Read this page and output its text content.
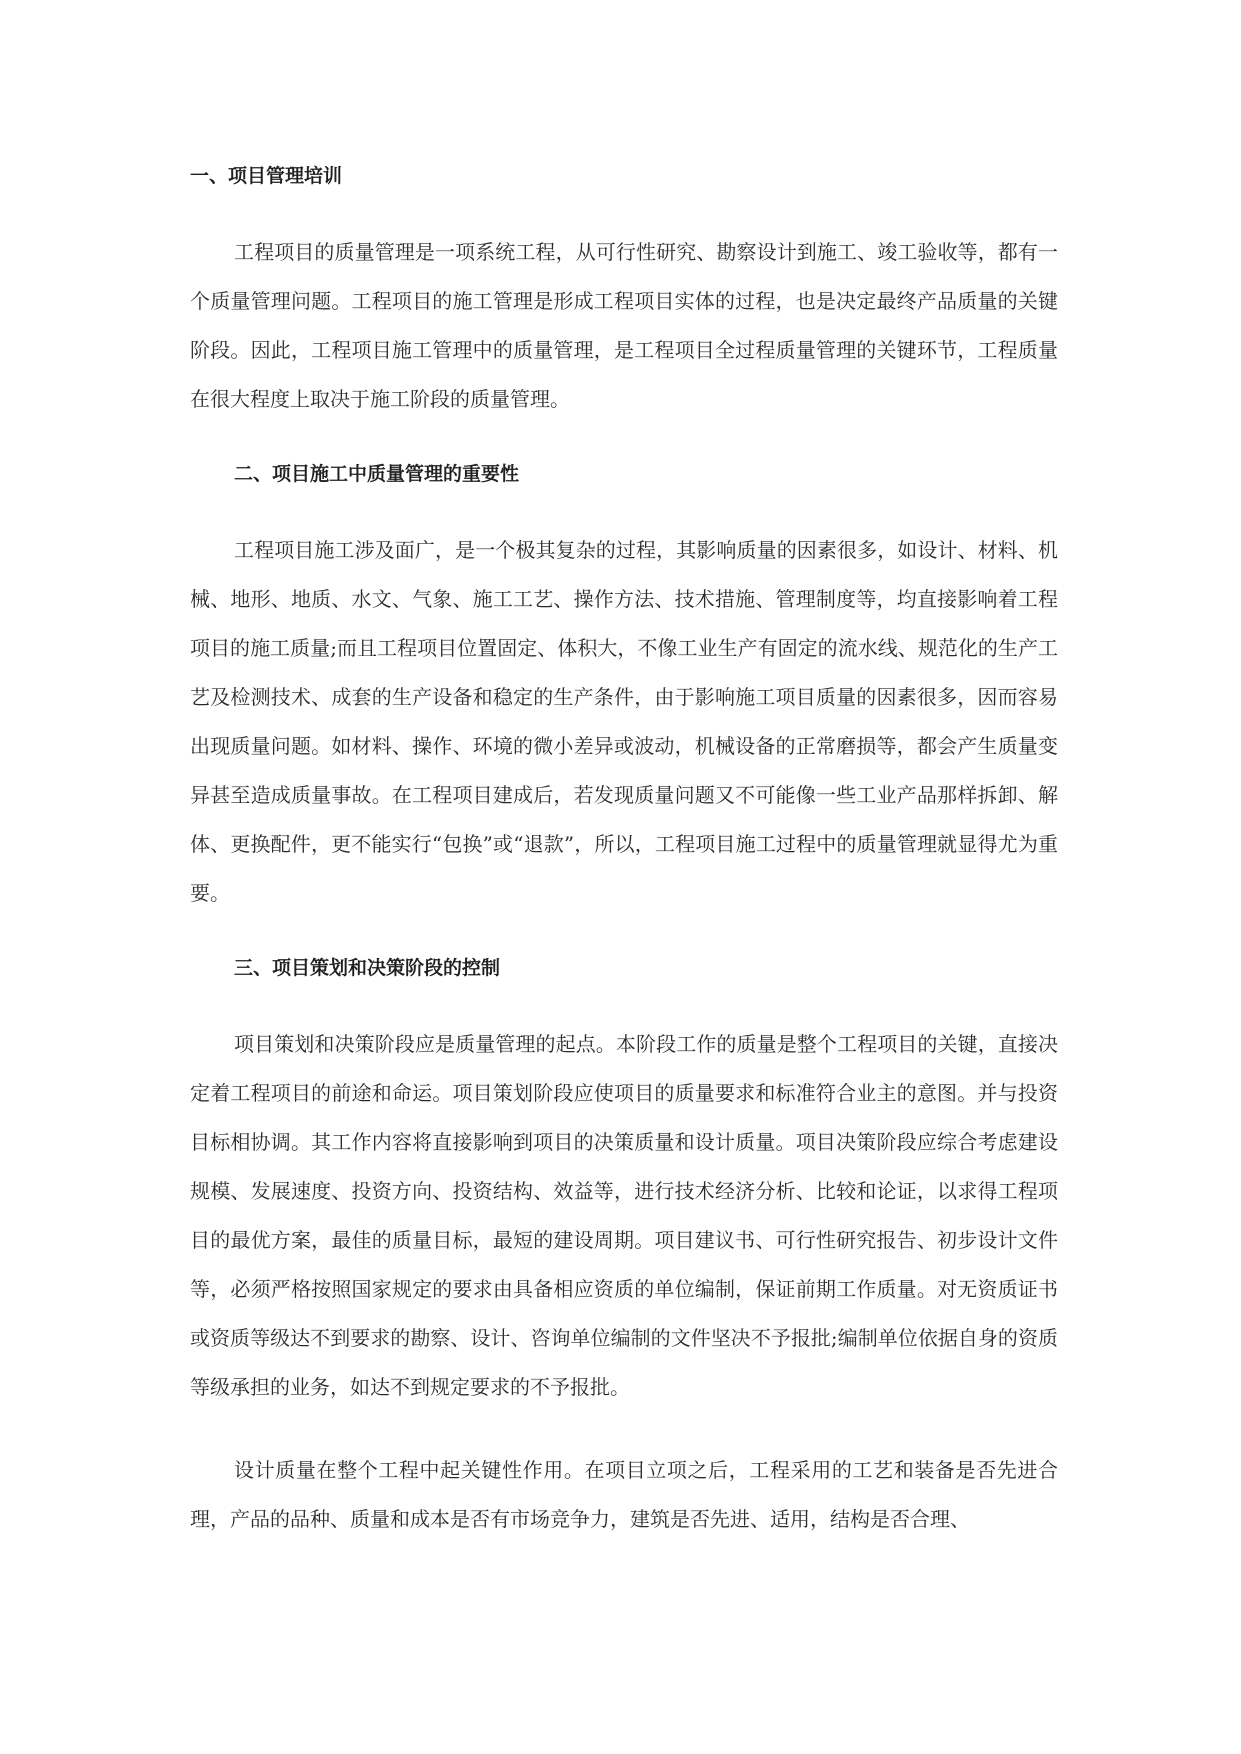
一、项目管理培训

工程项目的质量管理是一项系统工程，从可行性研究、勘察设计到施工、竣工验收等，都有一个质量管理问题。工程项目的施工管理是形成工程项目实体的过程，也是决定最终产品质量的关键阶段。因此，工程项目施工管理中的质量管理，是工程项目全过程质量管理的关键环节，工程质量在很大程度上取决于施工阶段的质量管理。

二、项目施工中质量管理的重要性

工程项目施工涉及面广，是一个极其复杂的过程，其影响质量的因素很多，如设计、材料、机械、地形、地质、水文、气象、施工工艺、操作方法、技术措施、管理制度等，均直接影响着工程项目的施工质量;而且工程项目位置固定、体积大，不像工业生产有固定的流水线、规范化的生产工艺及检测技术、成套的生产设备和稳定的生产条件，由于影响施工项目质量的因素很多，因而容易出现质量问题。如材料、操作、环境的微小差异或波动，机械设备的正常磨损等，都会产生质量变异甚至造成质量事故。在工程项目建成后，若发现质量问题又不可能像一些工业产品那样拆卸、解体、更换配件，更不能实行“包换”或“退款”，所以，工程项目施工过程中的质量管理就显得尤为重要。

三、项目策划和决策阶段的控制

项目策划和决策阶段应是质量管理的起点。本阶段工作的质量是整个工程项目的关键，直接决定着工程项目的前途和命运。项目策划阶段应使项目的质量要求和标准符合业主的意图。并与投资目标相协调。其工作内容将直接影响到项目的决策质量和设计质量。项目决策阶段应综合考虑建设规模、发展速度、投资方向、投资结构、效益等，进行技术经济分析、比较和论证，以求得工程项目的最优方案，最佳的质量目标，最短的建设周期。项目建议书、可行性研究报告、初步设计文件等，必须严格按照国家规定的要求由具备相应资质的单位编制，保证前期工作质量。对无资质证书或资质等级达不到要求的勘察、设计、咨询单位编制的文件坚决不予报批;编制单位依据自身的资质等级承担的业务，如达不到规定要求的不予报批。

设计质量在整个工程中起关键性作用。在项目立项之后，工程采用的工艺和装备是否先进合理，产品的品种、质量和成本是否有市场竞争力，建筑是否先进、适用，结构是否合理、
